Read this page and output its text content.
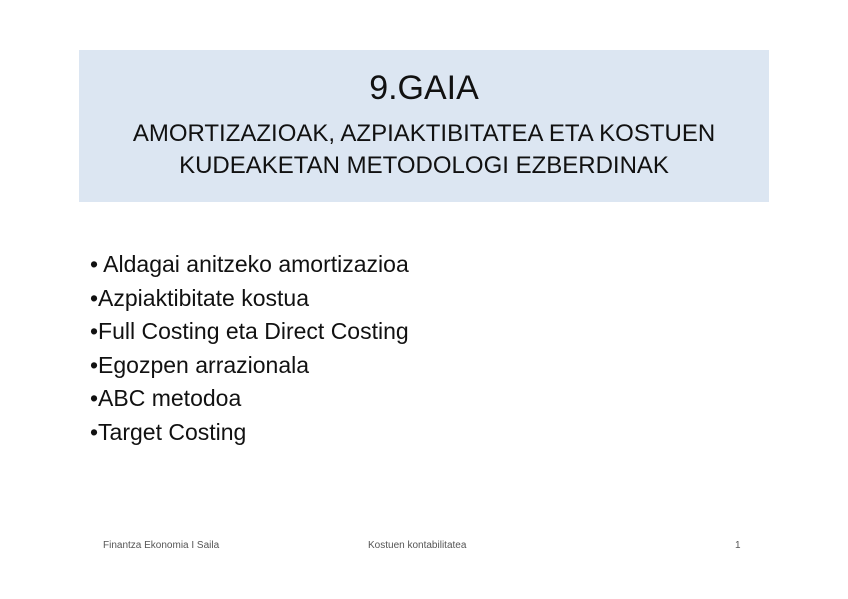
9.GAIA
AMORTIZAZIOAK, AZPIAKTIBITATEA ETA KOSTUEN
KUDEAKETAN METODOLOGI EZBERDINAK
• Aldagai anitzeko amortizazioa
•Azpiaktibitate kostua
•Full Costing eta Direct Costing
•Egozpen arrazionala
•ABC metodoa
•Target Costing
Finantza Ekonomia I Saila	Kostuen kontabilitatea	1
